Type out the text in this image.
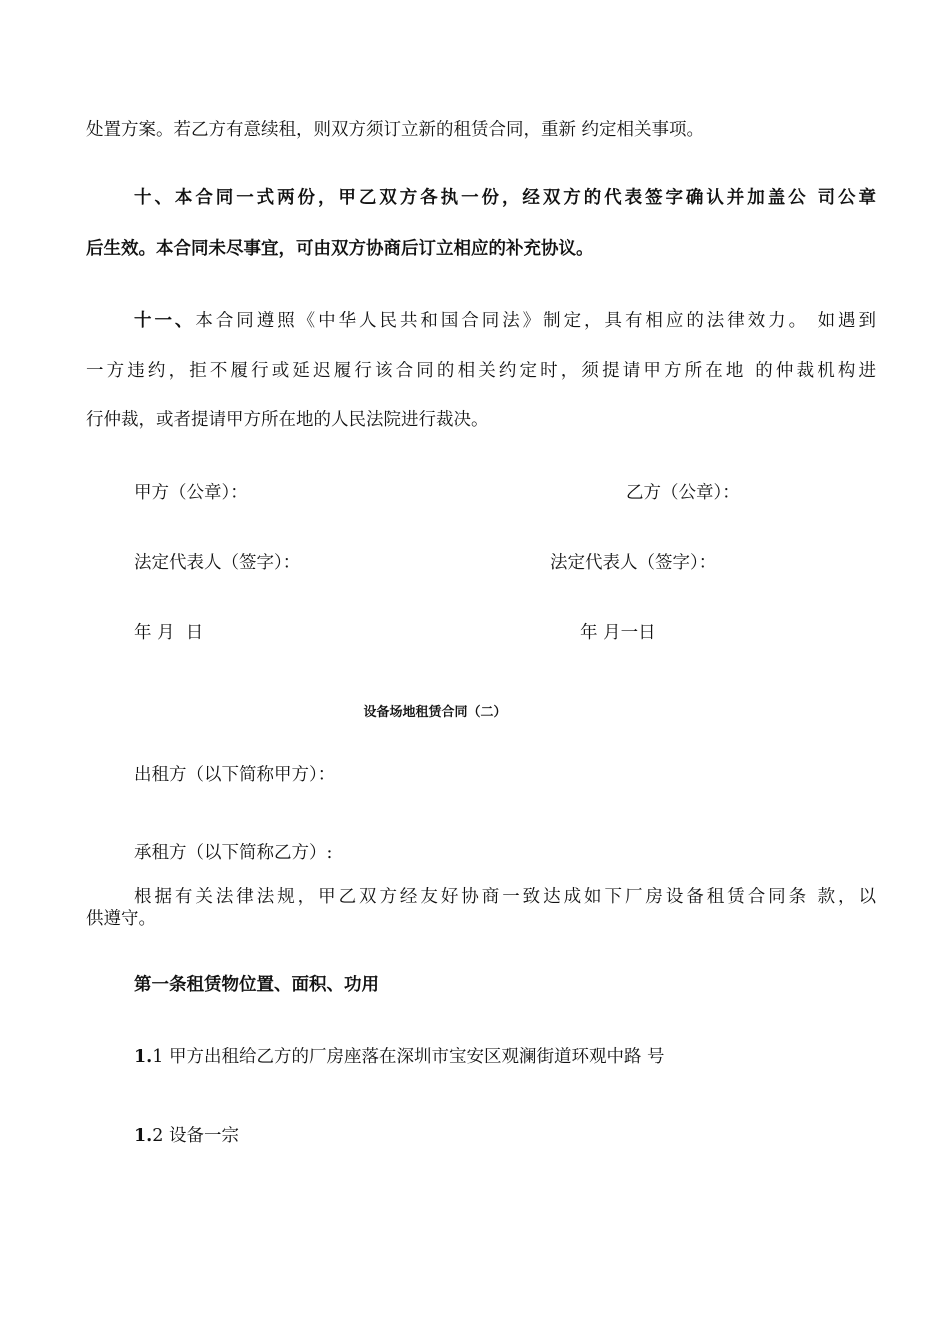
处置方案。若乙方有意续租，则双方须订立新的租赁合同，重新 约定相关事项。
十、本合同一式两份，甲乙双方各执一份，经双方的代表签字确认并加盖公 司公章
后生效。本合同未尽事宜，可由双方协商后订立相应的补充协议。
十一、本合同遵照《中华人民共和国合同法》制定，具有相应的法律效力。 如遇到
一方违约，拒不履行或延迟履行该合同的相关约定时，须提请甲方所在地 的仲裁机构进
行仲裁，或者提请甲方所在地的人民法院进行裁决。
甲方（公章）：	乙方（公章）：
法定代表人（签字）：	法定代表人（签字）：
年 月  日	年 月一日
设备场地租赁合同（二）
出租方（以下简称甲方）：
承租方（以下简称乙方）:
根据有关法律法规，甲乙双方经友好协商一致达成如下厂房设备租赁合同条 款，以
供遵守。
第一条租赁物位置、面积、功用
1.1 甲方出租给乙方的厂房座落在深圳市宝安区观澜街道环观中路 号
1.2 设备一宗
